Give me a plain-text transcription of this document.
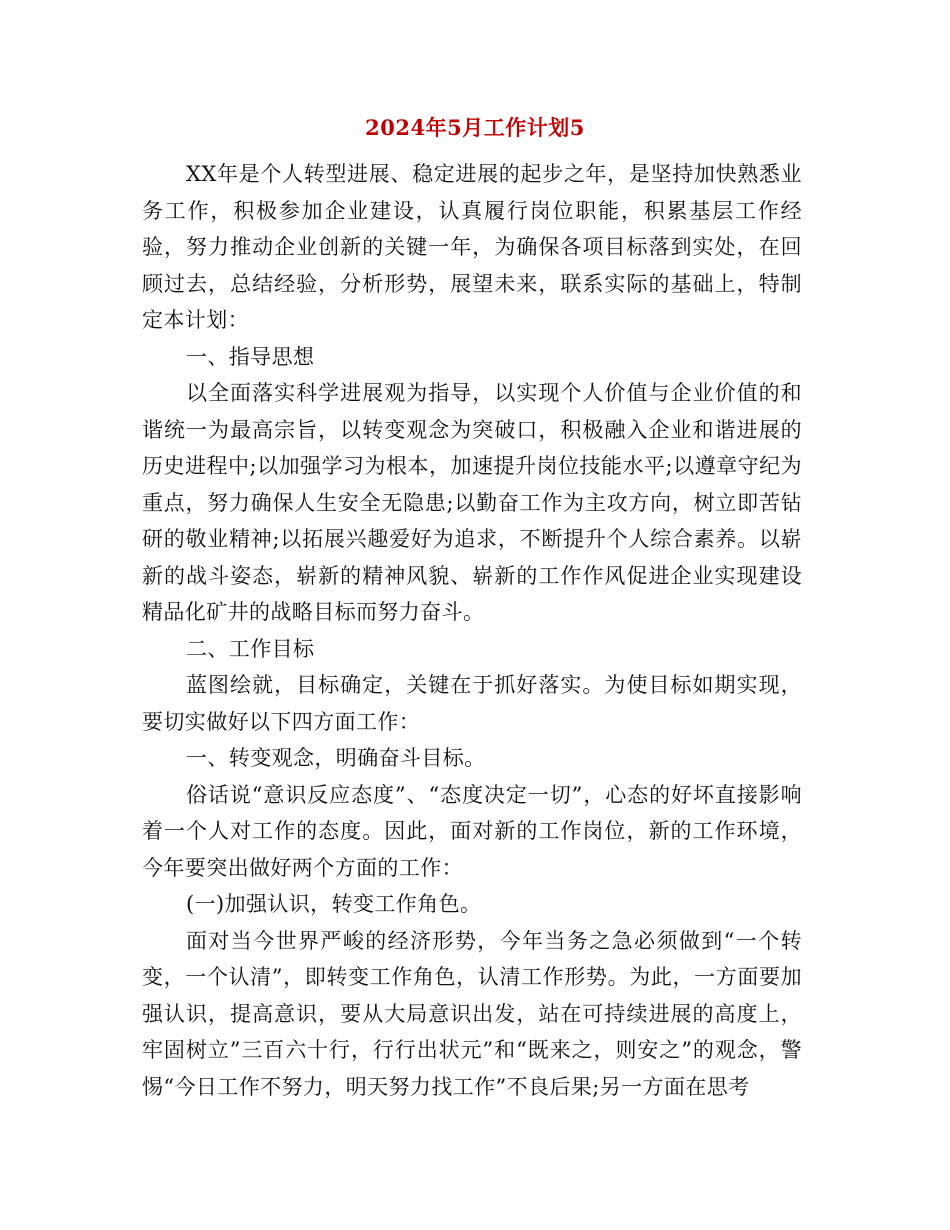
2024年5月工作计划5

XX年是个人转型进展、稳定进展的起步之年，是坚持加快熟悉业务工作，积极参加企业建设，认真履行岗位职能，积累基层工作经验，努力推动企业创新的关键一年，为确保各项目标落到实处，在回顾过去，总结经验，分析形势，展望未来，联系实际的基础上，特制定本计划：

一、指导思想

以全面落实科学进展观为指导，以实现个人价值与企业价值的和谐统一为最高宗旨，以转变观念为突破口，积极融入企业和谐进展的历史进程中;以加强学习为根本，加速提升岗位技能水平;以遵章守纪为重点，努力确保人生安全无隐患;以勤奋工作为主攻方向，树立即苦钻研的敬业精神;以拓展兴趣爱好为追求，不断提升个人综合素养。以崭新的战斗姿态，崭新的精神风貌、崭新的工作作风促进企业实现建设精品化矿井的战略目标而努力奋斗。

二、工作目标

蓝图绘就，目标确定，关键在于抓好落实。为使目标如期实现，要切实做好以下四方面工作：

一、转变观念，明确奋斗目标。

俗话说“意识反应态度”、“态度决定一切”，心态的好坏直接影响着一个人对工作的态度。因此，面对新的工作岗位，新的工作环境，今年要突出做好两个方面的工作：

(一)加强认识，转变工作角色。

面对当今世界严峻的经济形势，今年当务之急必须做到“一个转变，一个认清”，即转变工作角色，认清工作形势。为此，一方面要加强认识，提高意识，要从大局意识出发，站在可持续进展的高度上，牢固树立”三百六十行，行行出状元”和“既来之，则安之”的观念，警惕“今日工作不努力，明天努力找工作”不良后果;另一方面在思考
